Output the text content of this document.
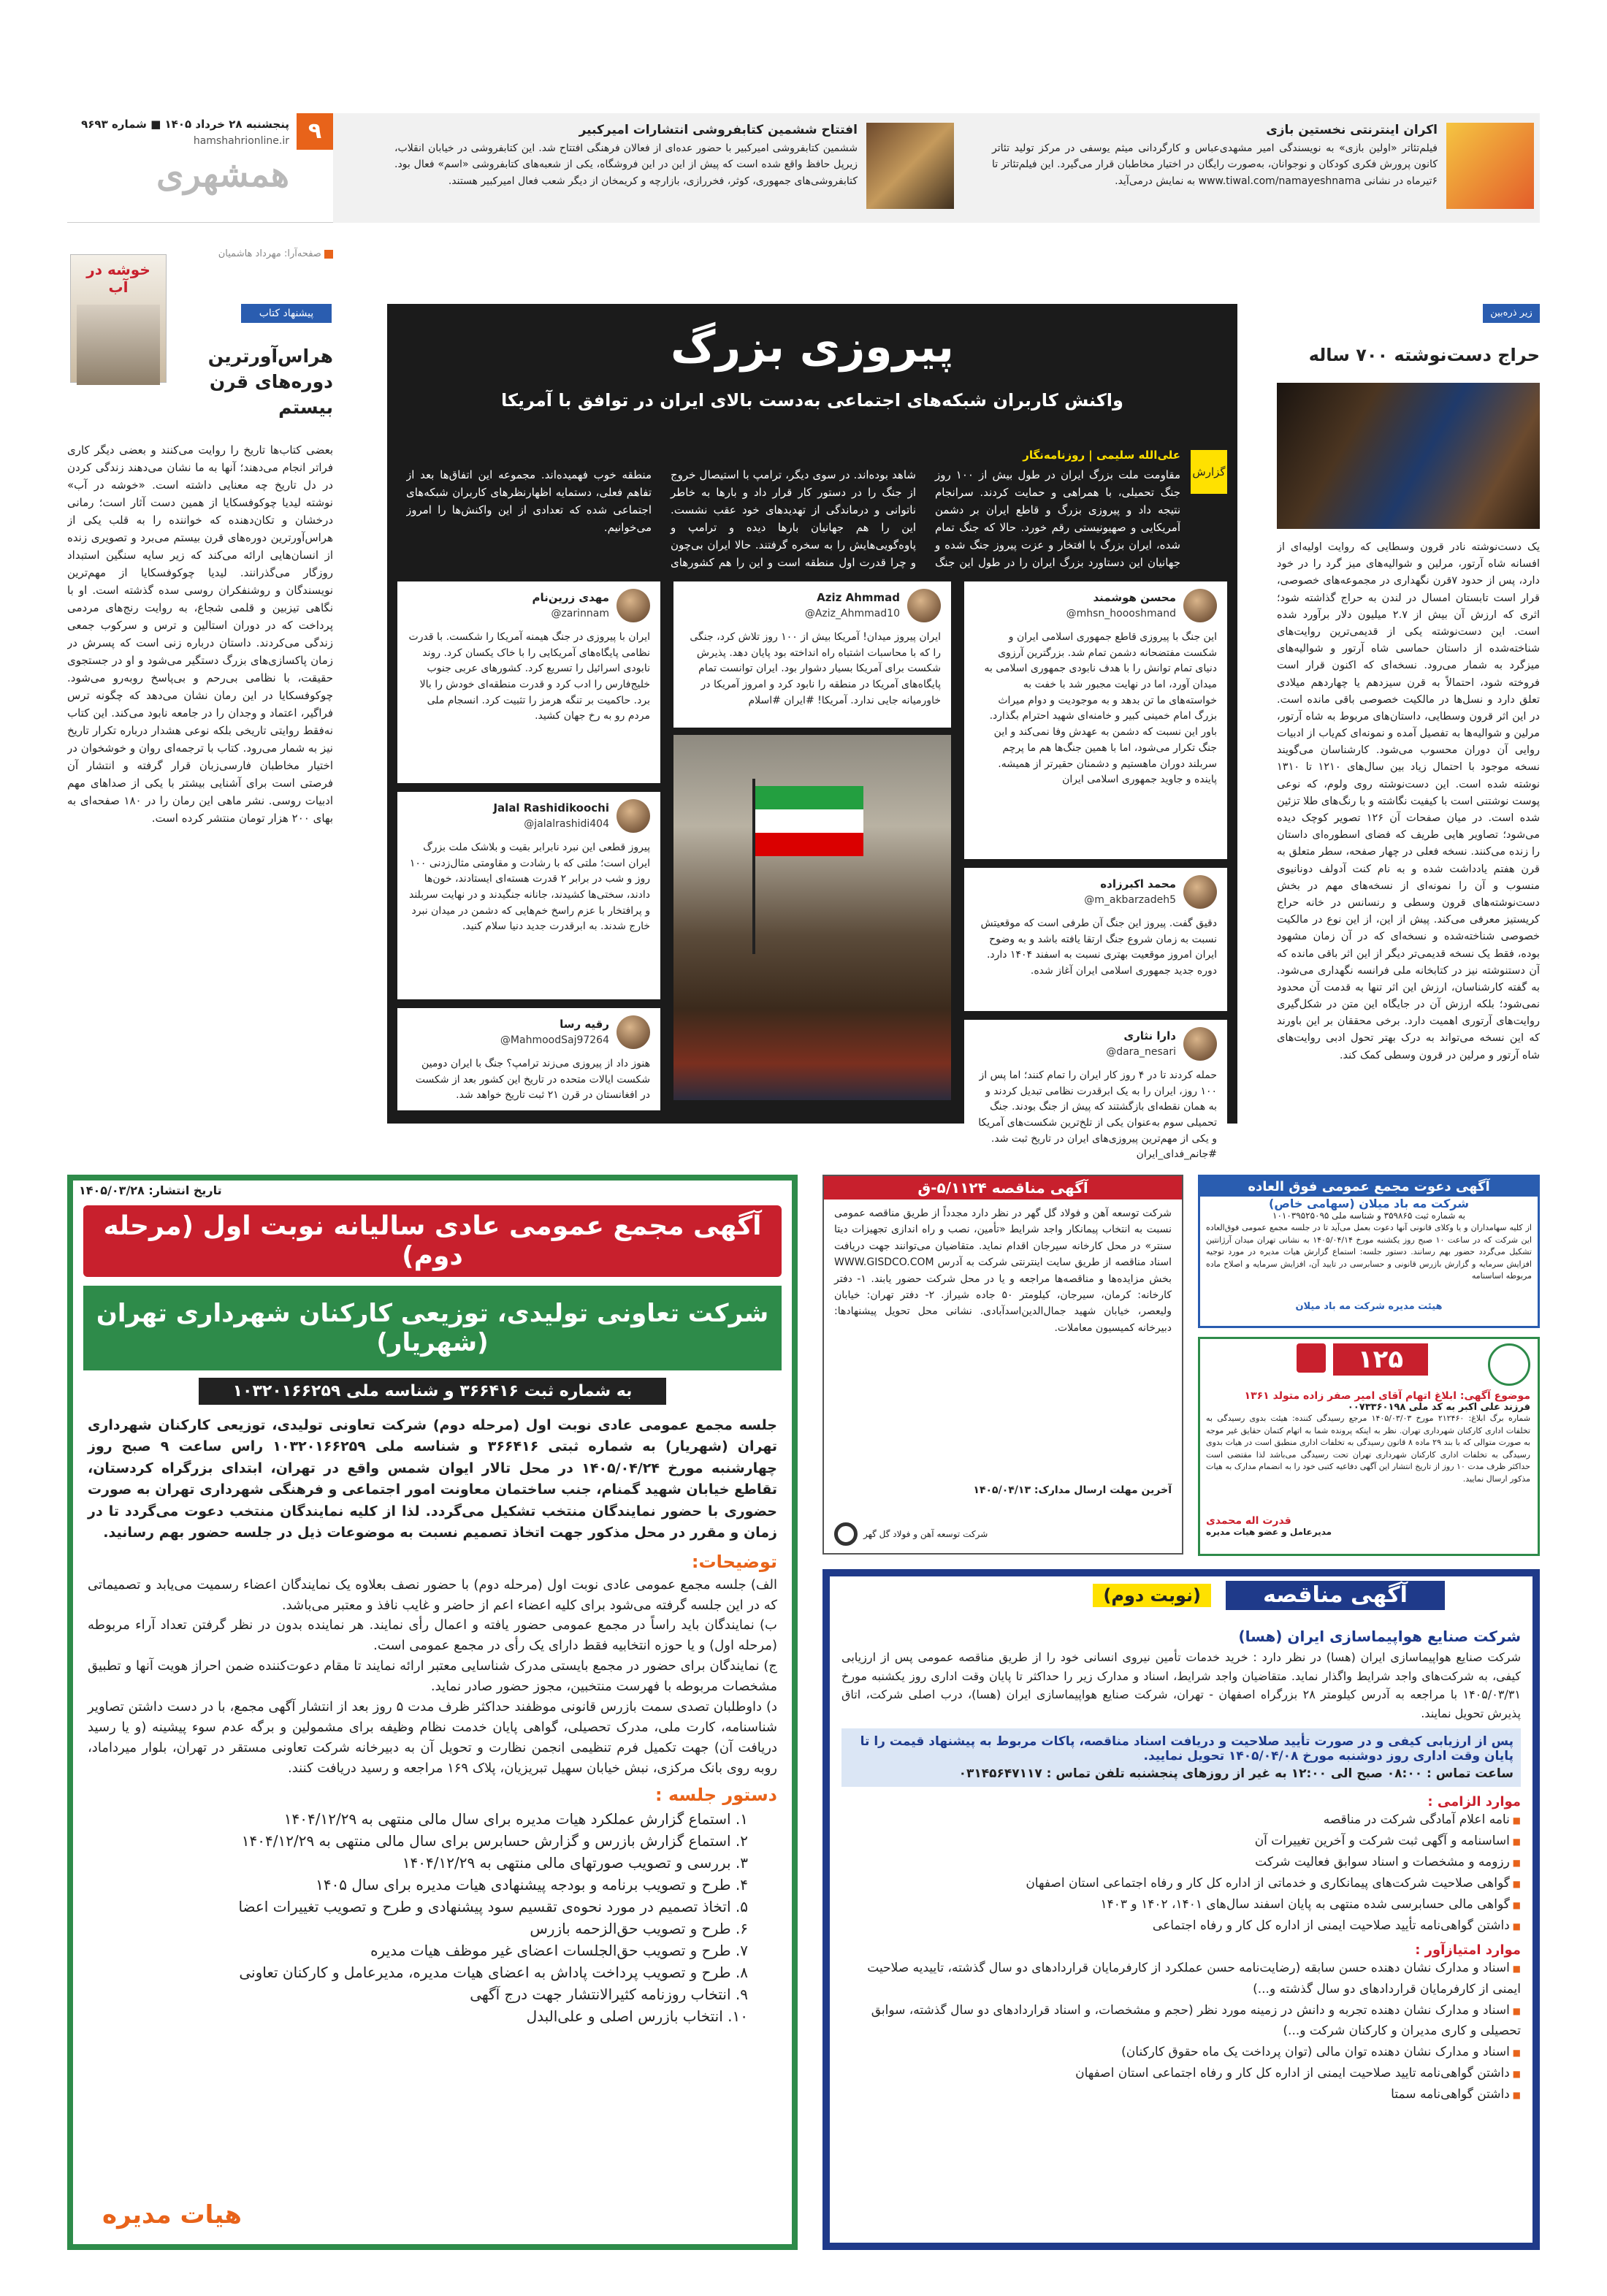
۹
پنجشنبه ۲۸ خرداد ۱۴۰۵ ■ شماره ۹۶۹۳
hamshahrionline.ir
همشهری
اکران اینترنتی نخستین بازی
فیلم‌تئاتر «اولین بازی» به نویسندگی امیر مشهدی‌عباس و کارگردانی میثم یوسفی در مرکز تولید تئاتر کانون پرورش فکری کودکان و نوجوانان، به‌صورت رایگان در اختیار مخاطبان قرار می‌گیرد. این فیلم‌تئاتر تا ۶تیرماه در نشانی www.tiwal.com/namayeshnama به نمایش درمی‌آید.
افتتاح ششمین کتابفروشی انتشارات امیرکبیر
ششمین کتابفروشی امیرکبیر با حضور عده‌ای از فعالان فرهنگی افتتاح شد. این کتابفروشی در خیابان انقلاب، زیرپل حافظ واقع شده است که پیش از این در این فروشگاه، یکی از شعبه‌های کتابفروشی «اسم» فعال بود. کتابفروشی‌های جمهوری، کوثر، فخررازی، بازارچه و کریمخان از دیگر شعب فعال امیرکبیر هستند.
صفحه‌آرا: مهرداد هاشمیان
خوشه در آب
پیشنهاد کتاب
هراس‌آورترین دوره‌های قرن بیستم
بعضی کتاب‌ها تاریخ را روایت می‌کنند و بعضی دیگر کاری فراتر انجام می‌دهند؛ آنها به ما نشان می‌دهند زندگی کردن در دل تاریخ چه معنایی داشته است. «خوشه در آب» نوشته لیدیا چوکوفسکایا از همین دست آثار است؛ رمانی درخشان و تکان‌دهنده که خواننده را به قلب یکی از هراس‌آورترین دوره‌های قرن بیستم می‌برد و تصویری زنده از انسان‌هایی ارائه می‌کند که زیر سایه سنگین استبداد روزگار می‌گذرانند. لیدیا چوکوفسکایا از مهم‌ترین نویسندگان و روشنفکران روسی سده گذشته است. او با نگاهی تیزبین و قلمی شجاع، به روایت رنج‌های مردمی پرداخت که در دوران استالین و ترس و سرکوب جمعی زندگی می‌کردند. داستان درباره زنی است که پسرش در زمان پاکسازی‌های بزرگ دستگیر می‌شود و او در جستجوی حقیقت، با نظامی بی‌رحم و بی‌پاسخ روبه‌رو می‌شود. چوکوفسکایا در این رمان نشان می‌دهد که چگونه ترس فراگیر، اعتماد و وجدان را در جامعه نابود می‌کند. این کتاب نه‌فقط روایتی تاریخی بلکه نوعی هشدار درباره تکرار تاریخ نیز به شمار می‌رود. کتاب با ترجمه‌ای روان و خوشخوان در اختیار مخاطبان فارسی‌زبان قرار گرفته و انتشار آن فرصتی است برای آشنایی بیشتر با یکی از صداهای مهم ادبیات روسی. نشر ماهی این رمان را در ۱۸۰ صفحه‌ای به بهای ۲۰۰ هزار تومان منتشر کرده است.
زیر ذره‌بین
حراج دست‌نوشته ۷۰۰ ساله
یک دست‌نوشته نادر قرون وسطایی که روایت اولیه‌ای از افسانه شاه آرتور، مرلین و شوالیه‌های میز گرد را در خود دارد، پس از حدود ۷قرن نگهداری در مجموعه‌های خصوصی، قرار است تابستان امسال در لندن به حراج گذاشته شود؛ اثری که ارزش آن بیش از ۲.۷ میلیون دلار برآورد شده است. این دست‌نوشته یکی از قدیمی‌ترین روایت‌های شناخته‌شده از داستان حماسی شاه آرتور و شوالیه‌های میزگرد به شمار می‌رود. نسخه‌ای که اکنون قرار است فروخته شود، احتمالاً به قرن سیزدهم یا چهاردهم میلادی تعلق دارد و نسل‌ها در مالکیت خصوصی باقی مانده است. در این اثر قرون وسطایی، داستان‌های مربوط به شاه آرتور، مرلین و شوالیه‌ها به تفصیل آمده و نمونه‌ای کم‌یاب از ادبیات روایی آن دوران محسوب می‌شود. کارشناسان می‌گویند نسخه موجود با احتمال زیاد بین سال‌های ۱۲۱۰ تا ۱۳۱۰ نوشته شده است. این دست‌نوشته روی ولوم، که نوعی پوست نوشتنی است با کیفیت نگاشته و با رنگ‌های طلا تزئین شده است. در میان صفحات آن ۱۲۶ تصویر کوچک دیده می‌شود؛ تصاویر هایی طریف که فضای اسطوره‌ای داستان را زنده می‌کنند. نسخه فعلی در چهار صفحه، سطر متعلق به قرن هفتم یادداشت شده و به نام کنت آدولف دونانیوی منسوب و آن را نمونه‌ای از نسخه‌های مهم در بخش دست‌نوشته‌های قرون وسطی و رنسانس در خانه حراج کریستیز معرفی می‌کند. پیش از این، از این نوع در مالکیت خصوصی شناخته‌شده و نسخه‌ای که در آن زمان مشهود بوده، فقط یک نسخه قدیمی‌تر دیگر از این اثر باقی مانده که آن دستنوشته نیز در کتابخانه ملی فرانسه نگهداری می‌شود. به گفته کارشناسان، ارزش این اثر تنها به قدمت آن محدود نمی‌شود؛ بلکه ارزش آن در جایگاه این متن در شکل‌گیری روایت‌های آرتوری اهمیت دارد. برخی محققان بر این باورند که این نسخه می‌تواند به درک بهتر تحول ادبی روایت‌های شاه آرتور و مرلین در قرون وسطی کمک کند.
پیروزی بزرگ
واکنش کاربران شبکه‌های اجتماعی به‌دست بالای ایران در توافق با آمریکا
گزارش
علی‌الله سلیمی | روزنامه‌نگار
مقاومت ملت بزرگ ایران در طول بیش از ۱۰۰ روز جنگ تحمیلی، با همراهی و حمایت کردند. سرانجام نتیجه داد و پیروزی بزرگ و قاطع ایران بر دشمن آمریکایی و صهیونیستی رقم خورد. حالا که جنگ تمام شده، ایران بزرگ با افتخار و عزت پیروز جنگ شده و جهانیان این دستاورد بزرگ ایران را در طول این جنگ شاهد بوده‌اند. در سوی دیگر، ترامپ با استیصال خروج از جنگ را در دستور کار قرار داد و بارها به خاطر ناتوانی و درماندگی از تهدیدهای خود عقب نشست. این را هم جهانیان بارها دیده و ترامپ و پاوه‌گویی‌هایش را به سخره گرفتند. حالا ایران بی‌چون و چرا قدرت اول منطقه است و این را هم کشورهای منطقه خوب فهمیده‌اند. مجموعه این اتفاق‌ها بعد از تفاهم فعلی، دستمایه اظهارنظرهای کاربران شبکه‌های اجتماعی شده که تعدادی از این واکنش‌ها را امروز می‌خوانیم.
محسن هوشمند
@mhsn_hoooshmand
این جنگ با پیروزی قاطع جمهوری اسلامی ایران و شکست مفتضحانه دشمن تمام شد. بزرگترین آرزوی دنیای تمام توانش را با هدف نابودی جمهوری اسلامی به میدان آورد، اما در نهایت مجبور شد با خفت به خواسته‌های ما تن بدهد و به موجودیت و دوام میراث بزرگ امام خمینی کبیر و خامنه‌ای شهید احترام بگذارد. باور این نسبت که دشمن به عهدش وفا نمی‌کند و این جنگ تکرار می‌شود، اما با همین جنگ‌ها هم ما پرچم سربلند دوران ماهستیم و دشمنان حقیرتر از همیشه. پاینده و جاوید جمهوری اسلامی ایران
محمد اکبرزاده
@m_akbarzadeh5
دقیق گفت. پیروز این جنگ آن طرفی است که موقعیتش نسبت به زمان شروع جنگ ارتقا یافته باشد و به وضوح ایران امروز موقعیت بهتری نسبت به اسفند ۱۴۰۴ دارد. دوره جدید جمهوری اسلامی ایران آغاز شده.
دارا نثاری
@dara_nesari
حمله کردند تا در ۴ روز کار ایران را تمام کنند؛ اما پس از ۱۰۰ روز، ایران را به یک ابرقدرت نظامی تبدیل کردند و به همان نقطه‌ای بازگشتند که پیش از جنگ بودند. جنگ تحمیلی سوم به‌عنوان یکی از تلخ‌ترین شکست‌های آمریکا و یکی از مهم‌ترین پیروزی‌های ایران در تاریخ ثبت شد. #جانم_فدای_ایران
Aziz Ahmmad
@Aziz_Ahmmad10
ایران پیروز میدان! آمریکا بیش از ۱۰۰ روز تلاش کرد، جنگی را که با محاسبات اشتباه راه انداخته بود پایان دهد. پذیرش شکست برای آمریکا بسیار دشوار بود. ایران توانست تمام پایگاه‌های آمریکا در منطقه را نابود کرد و امروز آمریکا در خاورمیانه جایی ندارد. آمریکا! #ایران #اسلام
مهدی زرین‌نام
@zarinnam
ایران با پیروزی در جنگ هیمنه آمریکا را شکست. با قدرت نظامی پایگاه‌های آمریکایی را با خاک یکسان کرد. روند نابودی اسرائیل را تسریع کرد. کشورهای عربی جنوب خلیج‌فارس را ادب کرد و قدرت منطقه‌ای خودش را بالا برد. حاکمیت بر تنگه هرمز را تثبیت کرد. انسجام ملی مردم رو به رخ جهان کشید.
Jalal Rashidikoochi
@jalalrashidi404
پیروز قطعی این نبرد نابرابر بقیت و بلاشک ملت بزرگ ایران است؛ ملتی که با رشادت و مقاومتی مثال‌زدنی ۱۰۰ روز و شب در برابر ۲ قدرت هسته‌ای ایستادند، خون‌ها دادند، سختی‌ها کشیدند، جانانه جنگیدند و در نهایت سربلند و پرافتخار با عزم راسخ خم‌هایی که دشمن در میدان نبرد خارج شدند. به ابرقدرت جدید دنیا سلام کنید.
رقیه رسا
@MahmoodSaj97264
هنوز داد از پیروزی می‌زند ترامپ؟ جنگ با ایران دومین شکست ایالات متحده در تاریخ این کشور بعد از شکست در افغانستان در قرن ۲۱ ثبت تاریخ خواهد شد.
تاریخ انتشار: ۱۴۰۵/۰۳/۲۸
آگهی مجمع عمومی عادی سالیانه نوبت اول (مرحله دوم)
شرکت تعاونی تولیدی، توزیعی کارکنان شهرداری تهران (شهریار)
به شماره ثبت ۳۶۶۴۱۶ و شناسه ملی ۱۰۳۲۰۱۶۶۲۵۹
جلسه مجمع عمومی عادی نوبت اول (مرحله دوم) شرکت تعاونی تولیدی، توزیعی کارکنان شهرداری تهران (شهریار) به شماره ثبتی ۳۶۶۴۱۶ و شناسه ملی ۱۰۳۲۰۱۶۶۲۵۹ راس ساعت ۹ صبح روز چهارشنبه مورخ ۱۴۰۵/۰۴/۲۴ در محل تالار ایوان شمس واقع در تهران، ابتدای بزرگراه کردستان، تقاطع خیابان شهید گمنام، جنب ساختمان معاونت امور اجتماعی و فرهنگی شهرداری تهران به صورت حضوری با حضور نمایندگان منتخب تشکیل می‌گردد. لذا از کلیه نمایندگان منتخب دعوت می‌گردد تا در زمان و مقرر در محل مذکور جهت اتخاذ تصمیم نسبت به موضوعات ذیل در جلسه حضور بهم رسانید.
توضیحات:
الف) جلسه مجمع عمومی عادی نوبت اول (مرحله دوم) با حضور نصف بعلاوه یک نمایندگان اعضاء رسمیت می‌یابد و تصمیماتی که در این جلسه گرفته می‌شود برای کلیه اعضاء اعم از حاضر و غایب نافذ و معتبر می‌باشد.
ب) نمایندگان باید راساً در مجمع عمومی حضور یافته و اعمال رأی نمایند. هر نماینده بدون در نظر گرفتن تعداد آراء مربوطه (مرحله اول) و یا حوزه انتخابیه فقط دارای یک رأی در مجمع عمومی است.
ج) نمایندگان برای حضور در مجمع بایستی مدرک شناسایی معتبر ارائه نمایند تا مقام دعوت‌کننده ضمن احراز هویت آنها و تطبیق مشخصات مربوطه با فهرست منتخبین، مجوز حضور صادر نماید.
د) داوطلبان تصدی سمت بازرس قانونی موظفند حداکثر ظرف مدت ۵ روز بعد از انتشار آگهی مجمع، با در دست داشتن تصاویر شناسنامه، کارت ملی، مدرک تحصیلی، گواهی پایان خدمت نظام وظیفه برای مشمولین و برگه عدم سوء پیشینه (و یا رسید دریافت آن) جهت تکمیل فرم تنظیمی انجمن نظارت و تحویل آن به دبیرخانه شرکت تعاونی مستقر در تهران، بلوار میرداماد، روبه روی بانک مرکزی، نبش خیابان سهیل تبریزیان، پلاک ۱۶۹ مراجعه و رسید دریافت کنند.
دستور جلسه :
۱. استماع گزارش عملکرد هیات مدیره برای سال مالی منتهی به ۱۴۰۴/۱۲/۲۹
۲. استماع گزارش بازرس و گزارش حسابرس برای سال مالی منتهی به ۱۴۰۴/۱۲/۲۹
۳. بررسی و تصویب صورتهای مالی منتهی به ۱۴۰۴/۱۲/۲۹
۴. طرح و تصویب برنامه و بودجه پیشنهادی هیات مدیره برای سال ۱۴۰۵
۵. اتخاذ تصمیم در مورد نحوه‌ی تقسیم سود پیشنهادی و طرح و تصویب تغییرات اعضا
۶. طرح و تصویب حق‌الزحمه بازرس
۷. طرح و تصویب حق‌الجلسات اعضای غیر موظف هیات مدیره
۸. طرح و تصویب پرداخت پاداش به اعضای هیات مدیره، مدیرعامل و کارکنان تعاونی
۹. انتخاب روزنامه کثیرالانتشار جهت درج آگهی
۱۰. انتخاب بازرس اصلی و علی‌البدل
هیات مدیره
آگهی مناقصه ۵/۱۱۲۴-ق
شرکت توسعه آهن و فولاد گل گهر در نظر دارد مجدداً از طریق مناقصه عمومی نسبت به انتخاب پیمانکار واجد شرایط «تأمین، نصب و راه اندازی تجهیزات دیتا سنتر» در محل کارخانه سیرجان اقدام نماید. متقاضیان می‌توانند جهت دریافت اسناد مناقصه از طریق سایت اینترنتی شرکت به آدرس WWW.GISDCO.COM بخش مزایده‌ها و مناقصه‌ها مراجعه و یا در محل شرکت حضور یابند. ۱- دفتر کارخانه: کرمان، سیرجان، کیلومتر ۵۰ جاده شیراز. ۲- دفتر تهران: خیابان ولیعصر، خیابان شهید جمال‌الدین‌اسدآبادی. نشانی محل تحویل پیشنهادها: دبیرخانه کمیسیون معاملات.
آخرین مهلت ارسال مدارک: ۱۴۰۵/۰۴/۱۳
شرکت توسعه آهن و فولاد گل گهر
آگهی دعوت مجمع عمومی فوق العاده
شرکت مه باد میلان (سهامی خاص)
به شماره ثبت ۳۵۹۸۶۵ و شناسه ملی ۱۰۱۰۳۹۵۲۵۰۹۵
از کلیه سهامداران و یا وکلای قانونی آنها دعوت بعمل می‌آید تا در جلسه مجمع عمومی فوق‌العاده این شرکت که در ساعت ۱۰ صبح روز یکشنبه مورخ ۱۴۰۵/۰۴/۱۴ به نشانی تهران میدان آرژانتین تشکیل می‌گردد حضور بهم رسانند. دستور جلسه: استماع گزارش هیات مدیره در مورد توجیه افزایش سرمایه و گزارش بازرس قانونی و حسابرسی در تایید آن، افزایش سرمایه و اصلاح ماده مربوطه اساسنامه
هیئت مدیره شرکت مه باد میلان
۱۲۵
موضوع آگهی: ابلاغ اتهام آقای امیر صفر زاده متولد ۱۳۶۱
فرزند علی اکبر به کد ملی ۰۰۷۳۳۶۰۱۹۸
شماره برگ ابلاغ: ۲۱۲۴۶۰ مورخ ۱۴۰۵/۰۳/۰۳ مرجع رسیدگی کننده: هیئت بدوی رسیدگی به تخلفات اداری کارکنان شهرداری تهران. نظر به اینکه پرونده شما به اتهام کتمان حقایق غیر موجه به صورت متوالی که با بند ۲۹ ماده ۸ قانون رسیدگی به تخلفات اداری منطبق است در هیات بدوی رسیدگی به تخلفات اداری کارکنان شهرداری تهران تحت رسیدگی می‌باشد لذا مقتضی است حداکثر ظرف مدت ۱۰ روز از تاریخ انتشار این آگهی دفاعیه کتبی خود را به انضمام مدارک به هیات مذکور ارسال نمایید.
قدرت اله محمدی
مدیرعامل و عضو هیات مدیره
(نوبت دوم)	آگهی مناقصه
شرکت صنایع هواپیماسازی ایران (هسا)
شرکت صنایع هواپیماسازی ایران (هسا) در نظر دارد : خرید خدمات تأمین نیروی انسانی خود را از طریق مناقصه عمومی پس از ارزیابی کیفی، به شرکت‌های واجد شرایط واگذار نماید. متقاضیان واجد شرایط، اسناد و مدارک زیر را حداکثر تا پایان وقت اداری روز یکشنبه مورخ ۱۴۰۵/۰۳/۳۱ با مراجعه به آدرس کیلومتر ۲۸ بزرگراه اصفهان - تهران، شرکت صنایع هواپیماسازی ایران (هسا)، درب اصلی شرکت، اتاق پذیرش تحویل نمایند.
پس از ارزیابی کیفی و در صورت تأیید صلاحیت و دریافت اسناد مناقصه، پاکات مربوط به پیشنهاد قیمت را تا پایان وقت اداری روز دوشنبه مورخ ۱۴۰۵/۰۴/۰۸ تحویل نمایید.
ساعت تماس : ۰۸:۰۰ صبح الی ۱۲:۰۰ به غیر از روزهای پنجشنبه تلفن تماس : ۰۳۱۴۵۶۴۷۱۱۷
موارد الزامی :
■ نامه اعلام آمادگی شرکت در مناقصه
■ اساسنامه و آگهی ثبت شرکت و آخرین تغییرات آن
■ رزومه و مشخصات و اسناد سوابق فعالیت شرکت
■ گواهی صلاحیت شرکت‌های پیمانکاری و خدماتی از اداره کل کار و رفاه اجتماعی استان اصفهان
■ گواهی مالی حسابرسی شده منتهی به پایان اسفند سال‌های ۱۴۰۱، ۱۴۰۲ و ۱۴۰۳
■ داشتن گواهی‌نامه تأیید صلاحیت ایمنی از اداره کل کار و رفاه اجتماعی
موارد امتیازآور :
■ اسناد و مدارک نشان دهنده حسن سابقه (رضایت‌نامه حسن عملکرد از کارفرمایان قراردادهای دو سال گذشته، تاییدیه صلاحیت ایمنی از کارفرمایان قراردادهای دو سال گذشته و...)
■ اسناد و مدارک نشان دهنده تجربه و دانش در زمینه مورد نظر (حجم و مشخصات، و اسناد قراردادهای دو سال گذشته، سوابق تحصیلی و کاری مدیران و کارکنان شرکت و...)
■ اسناد و مدارک نشان دهنده توان مالی (توان پرداخت یک ماه حقوق کارکنان)
■ داشتن گواهی‌نامه تایید صلاحیت ایمنی از اداره کل کار و رفاه اجتماعی استان اصفهان
■ داشتن گواهی‌نامه سمتا
